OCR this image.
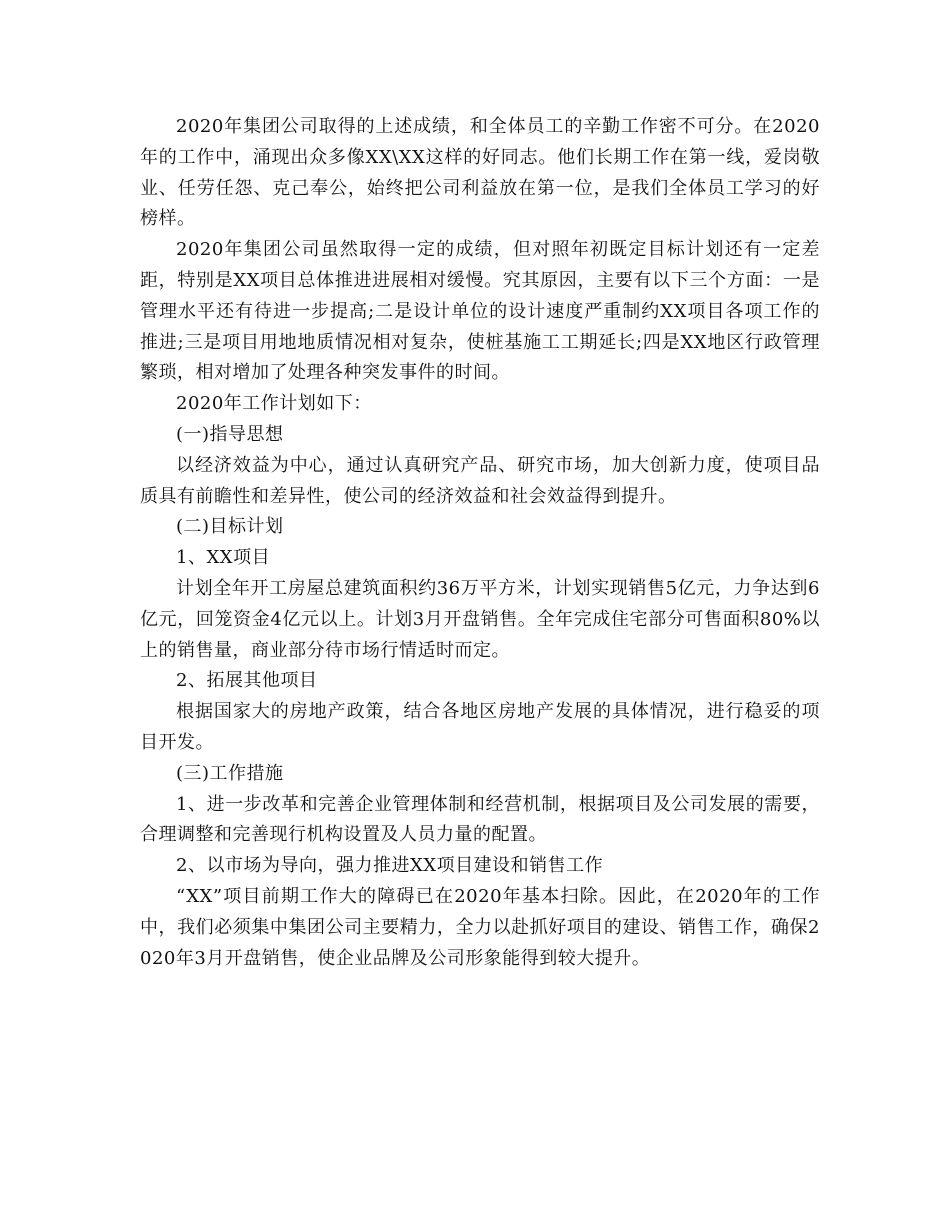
2020年集团公司取得的上述成绩，和全体员工的辛勤工作密不可分。在2020年的工作中，涌现出众多像XX\XX这样的好同志。他们长期工作在第一线，爱岗敬业、任劳任怨、克己奉公，始终把公司利益放在第一位，是我们全体员工学习的好榜样。

2020年集团公司虽然取得一定的成绩，但对照年初既定目标计划还有一定差距，特别是XX项目总体推进进展相对缓慢。究其原因，主要有以下三个方面：一是管理水平还有待进一步提高;二是设计单位的设计速度严重制约XX项目各项工作的推进;三是项目用地地质情况相对复杂，使桩基施工工期延长;四是XX地区行政管理繁琐，相对增加了处理各种突发事件的时间。

2020年工作计划如下：

(一)指导思想

以经济效益为中心，通过认真研究产品、研究市场，加大创新力度，使项目品质具有前瞻性和差异性，使公司的经济效益和社会效益得到提升。

(二)目标计划

1、XX项目

计划全年开工房屋总建筑面积约36万平方米，计划实现销售5亿元，力争达到6亿元，回笼资金4亿元以上。计划3月开盘销售。全年完成住宅部分可售面积80%以上的销售量，商业部分待市场行情适时而定。

2、拓展其他项目

根据国家大的房地产政策，结合各地区房地产发展的具体情况，进行稳妥的项目开发。

(三)工作措施

1、进一步改革和完善企业管理体制和经营机制，根据项目及公司发展的需要，合理调整和完善现行机构设置及人员力量的配置。

2、以市场为导向，强力推进XX项目建设和销售工作

“XX”项目前期工作大的障碍已在2020年基本扫除。因此，在2020年的工作中，我们必须集中集团公司主要精力，全力以赴抓好项目的建设、销售工作，确保2020年3月开盘销售，使企业品牌及公司形象能得到较大提升。
